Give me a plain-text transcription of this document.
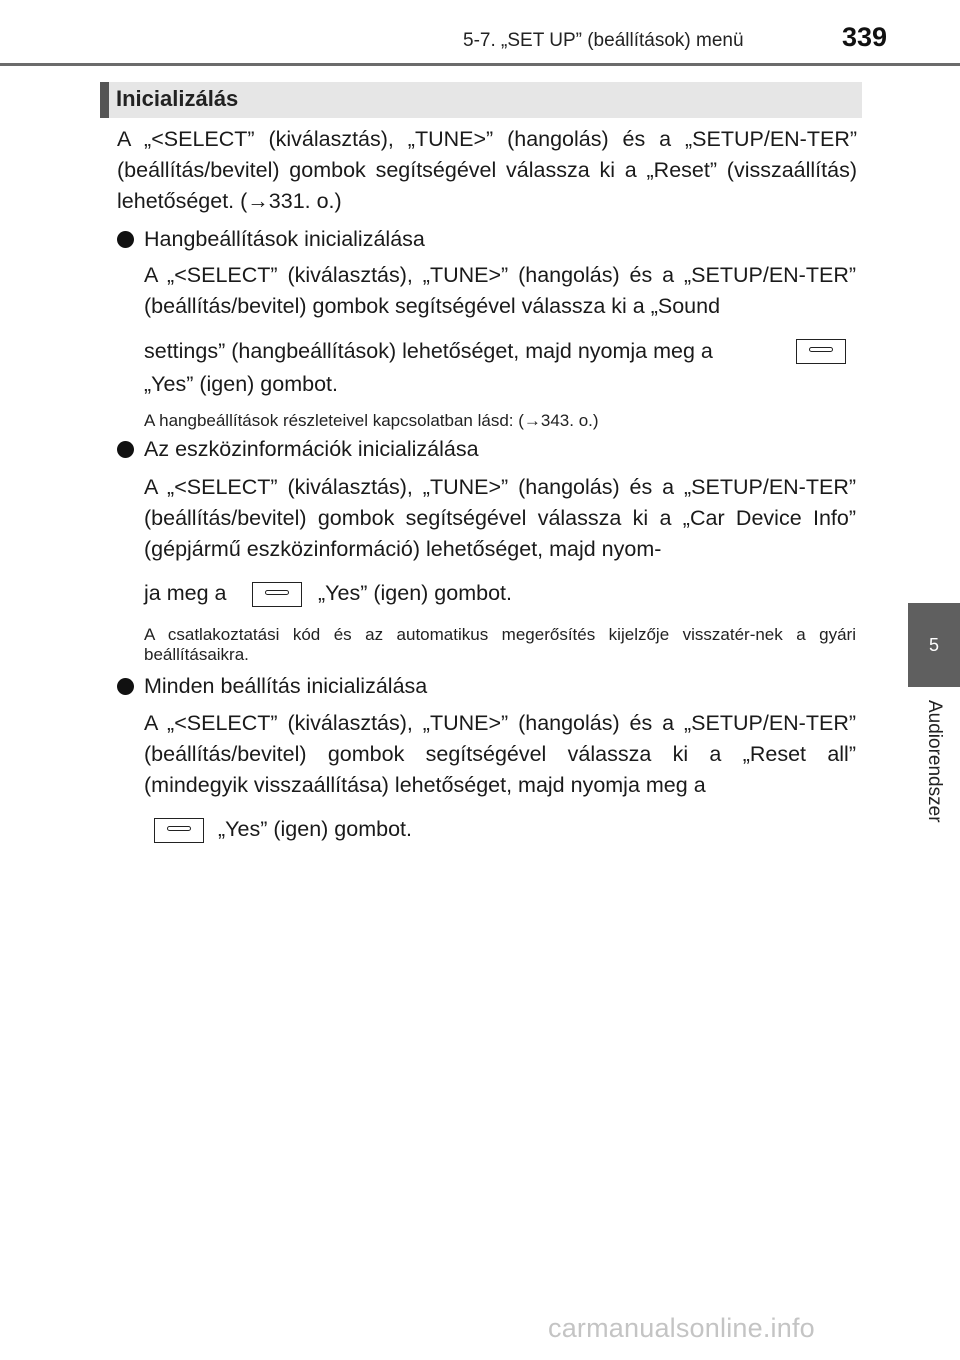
5-7. „SET UP” (beállítások) menü	339
5
Audiorendszer
Inicializálás

A „<SELECT” (kiválasztás), „TUNE>” (hangolás) és a „SETUP/EN-TER” (beállítás/bevitel) gombok segítségével válassza ki a „Reset” (visszaállítás) lehetőséget. (→331. o.)

Hangbeállítások inicializálása

A „<SELECT” (kiválasztás), „TUNE>” (hangolás) és a „SETUP/EN-TER” (beállítás/bevitel) gombok segítségével válassza ki a „Sound

settings” (hangbeállítások) lehetőséget, majd nyomja meg a

„Yes” (igen) gombot.

A hangbeállítások részleteivel kapcsolatban lásd: (→343. o.)

Az eszközinformációk inicializálása

A „<SELECT” (kiválasztás), „TUNE>” (hangolás) és a „SETUP/EN-TER” (beállítás/bevitel) gombok segítségével válassza ki a „Car Device Info” (gépjármű eszközinformáció) lehetőséget, majd nyom-

ja meg a	„Yes” (igen) gombot.

A csatlakoztatási kód és az automatikus megerősítés kijelzője visszatér-nek a gyári beállításaikra.

Minden beállítás inicializálása

A „<SELECT” (kiválasztás), „TUNE>” (hangolás) és a „SETUP/EN-TER” (beállítás/bevitel) gombok segítségével válassza ki a „Reset all” (mindegyik visszaállítása) lehetőséget, majd nyomja meg a

„Yes” (igen) gombot.

carmanualsonline.info
